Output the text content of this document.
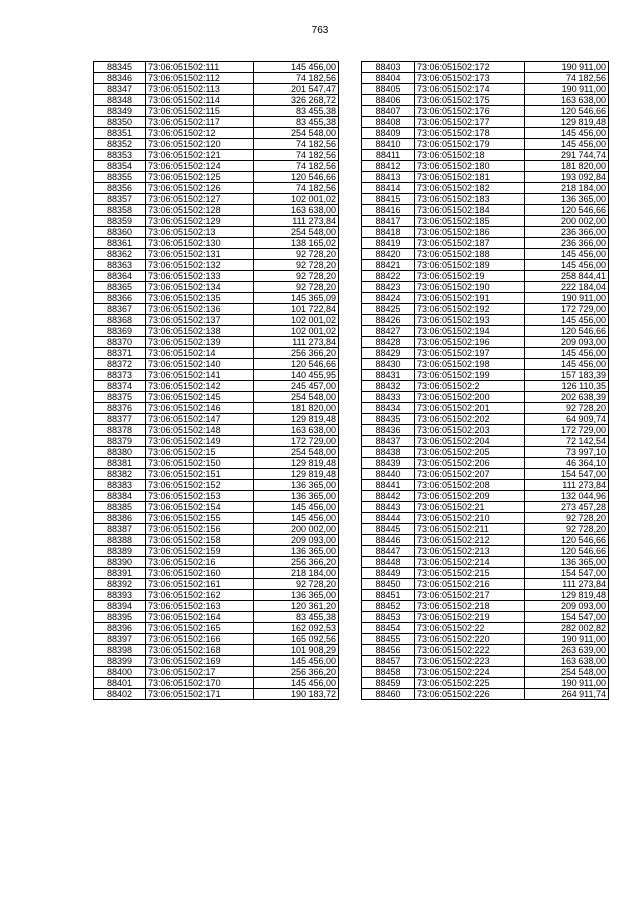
763
88345	73:06:051502:111	145 456,00
88346	73:06:051502:112	74 182,56
88347	73:06:051502:113	201 547,47
88348	73:06:051502:114	326 268,72
88349	73:06:051502:115	83 455,38
88350	73:06:051502:117	83 455,38
88351	73:06:051502:12	254 548,00
88352	73:06:051502:120	74 182,56
88353	73:06:051502:121	74 182,56
88354	73:06:051502:124	74 182,56
88355	73:06:051502:125	120 546,66
88356	73:06:051502:126	74 182,56
88357	73:06:051502:127	102 001,02
88358	73:06:051502:128	163 638,00
88359	73:06:051502:129	111 273,84
88360	73:06:051502:13	254 548,00
88361	73:06:051502:130	138 165,02
88362	73:06:051502:131	92 728,20
88363	73:06:051502:132	92 728,20
88364	73:06:051502:133	92 728,20
88365	73:06:051502:134	92 728,20
88366	73:06:051502:135	145 365,09
88367	73:06:051502:136	101 722,84
88368	73:06:051502:137	102 001,02
88369	73:06:051502:138	102 001,02
88370	73:06:051502:139	111 273,84
88371	73:06:051502:14	256 366,20
88372	73:06:051502:140	120 546,66
88373	73:06:051502:141	140 455,95
88374	73:06:051502:142	245 457,00
88375	73:06:051502:145	254 548,00
88376	73:06:051502:146	181 820,00
88377	73:06:051502:147	129 819,48
88378	73:06:051502:148	163 638,00
88379	73:06:051502:149	172 729,00
88380	73:06:051502:15	254 548,00
88381	73:06:051502:150	129 819,48
88382	73:06:051502:151	129 819,48
88383	73:06:051502:152	136 365,00
88384	73:06:051502:153	136 365,00
88385	73:06:051502:154	145 456,00
88386	73:06:051502:155	145 456,00
88387	73:06:051502:156	200 002,00
88388	73:06:051502:158	209 093,00
88389	73:06:051502:159	136 365,00
88390	73:06:051502:16	256 366,20
88391	73:06:051502:160	218 184,00
88392	73:06:051502:161	92 728,20
88393	73:06:051502:162	136 365,00
88394	73:06:051502:163	120 361,20
88395	73:06:051502:164	83 455,38
88396	73:06:051502:165	162 092,53
88397	73:06:051502:166	165 092,56
88398	73:06:051502:168	101 908,29
88399	73:06:051502:169	145 456,00
88400	73:06:051502:17	256 366,20
88401	73:06:051502:170	145 456,00
88402	73:06:051502:171	190 183,72
88403	73:06:051502:172	190 911,00
88404	73:06:051502:173	74 182,56
88405	73:06:051502:174	190 911,00
88406	73:06:051502:175	163 638,00
88407	73:06:051502:176	120 546,66
88408	73:06:051502:177	129 819,48
88409	73:06:051502:178	145 456,00
88410	73:06:051502:179	145 456,00
88411	73:06:051502:18	291 744,74
88412	73:06:051502:180	181 820,00
88413	73:06:051502:181	193 092,84
88414	73:06:051502:182	218 184,00
88415	73:06:051502:183	136 365,00
88416	73:06:051502:184	120 546,66
88417	73:06:051502:185	200 002,00
88418	73:06:051502:186	236 366,00
88419	73:06:051502:187	236 366,00
88420	73:06:051502:188	145 456,00
88421	73:06:051502:189	145 456,00
88422	73:06:051502:19	258 844,41
88423	73:06:051502:190	222 184,04
88424	73:06:051502:191	190 911,00
88425	73:06:051502:192	172 729,00
88426	73:06:051502:193	145 456,00
88427	73:06:051502:194	120 546,66
88428	73:06:051502:196	209 093,00
88429	73:06:051502:197	145 456,00
88430	73:06:051502:198	145 456,00
88431	73:06:051502:199	157 183,39
88432	73:06:051502:2	126 110,35
88433	73:06:051502:200	202 638,39
88434	73:06:051502:201	92 728,20
88435	73:06:051502:202	64 909,74
88436	73:06:051502:203	172 729,00
88437	73:06:051502:204	72 142,54
88438	73:06:051502:205	73 997,10
88439	73:06:051502:206	46 364,10
88440	73:06:051502:207	154 547,00
88441	73:06:051502:208	111 273,84
88442	73:06:051502:209	132 044,96
88443	73:06:051502:21	273 457,28
88444	73:06:051502:210	92 728,20
88445	73:06:051502:211	92 728,20
88446	73:06:051502:212	120 546,66
88447	73:06:051502:213	120 546,66
88448	73:06:051502:214	136 365,00
88449	73:06:051502:215	154 547,00
88450	73:06:051502:216	111 273,84
88451	73:06:051502:217	129 819,48
88452	73:06:051502:218	209 093,00
88453	73:06:051502:219	154 547,00
88454	73:06:051502:22	282 002,82
88455	73:06:051502:220	190 911,00
88456	73:06:051502:222	263 639,00
88457	73:06:051502:223	163 638,00
88458	73:06:051502:224	254 548,00
88459	73:06:051502:225	190 911,00
88460	73:06:051502:226	264 911,74
